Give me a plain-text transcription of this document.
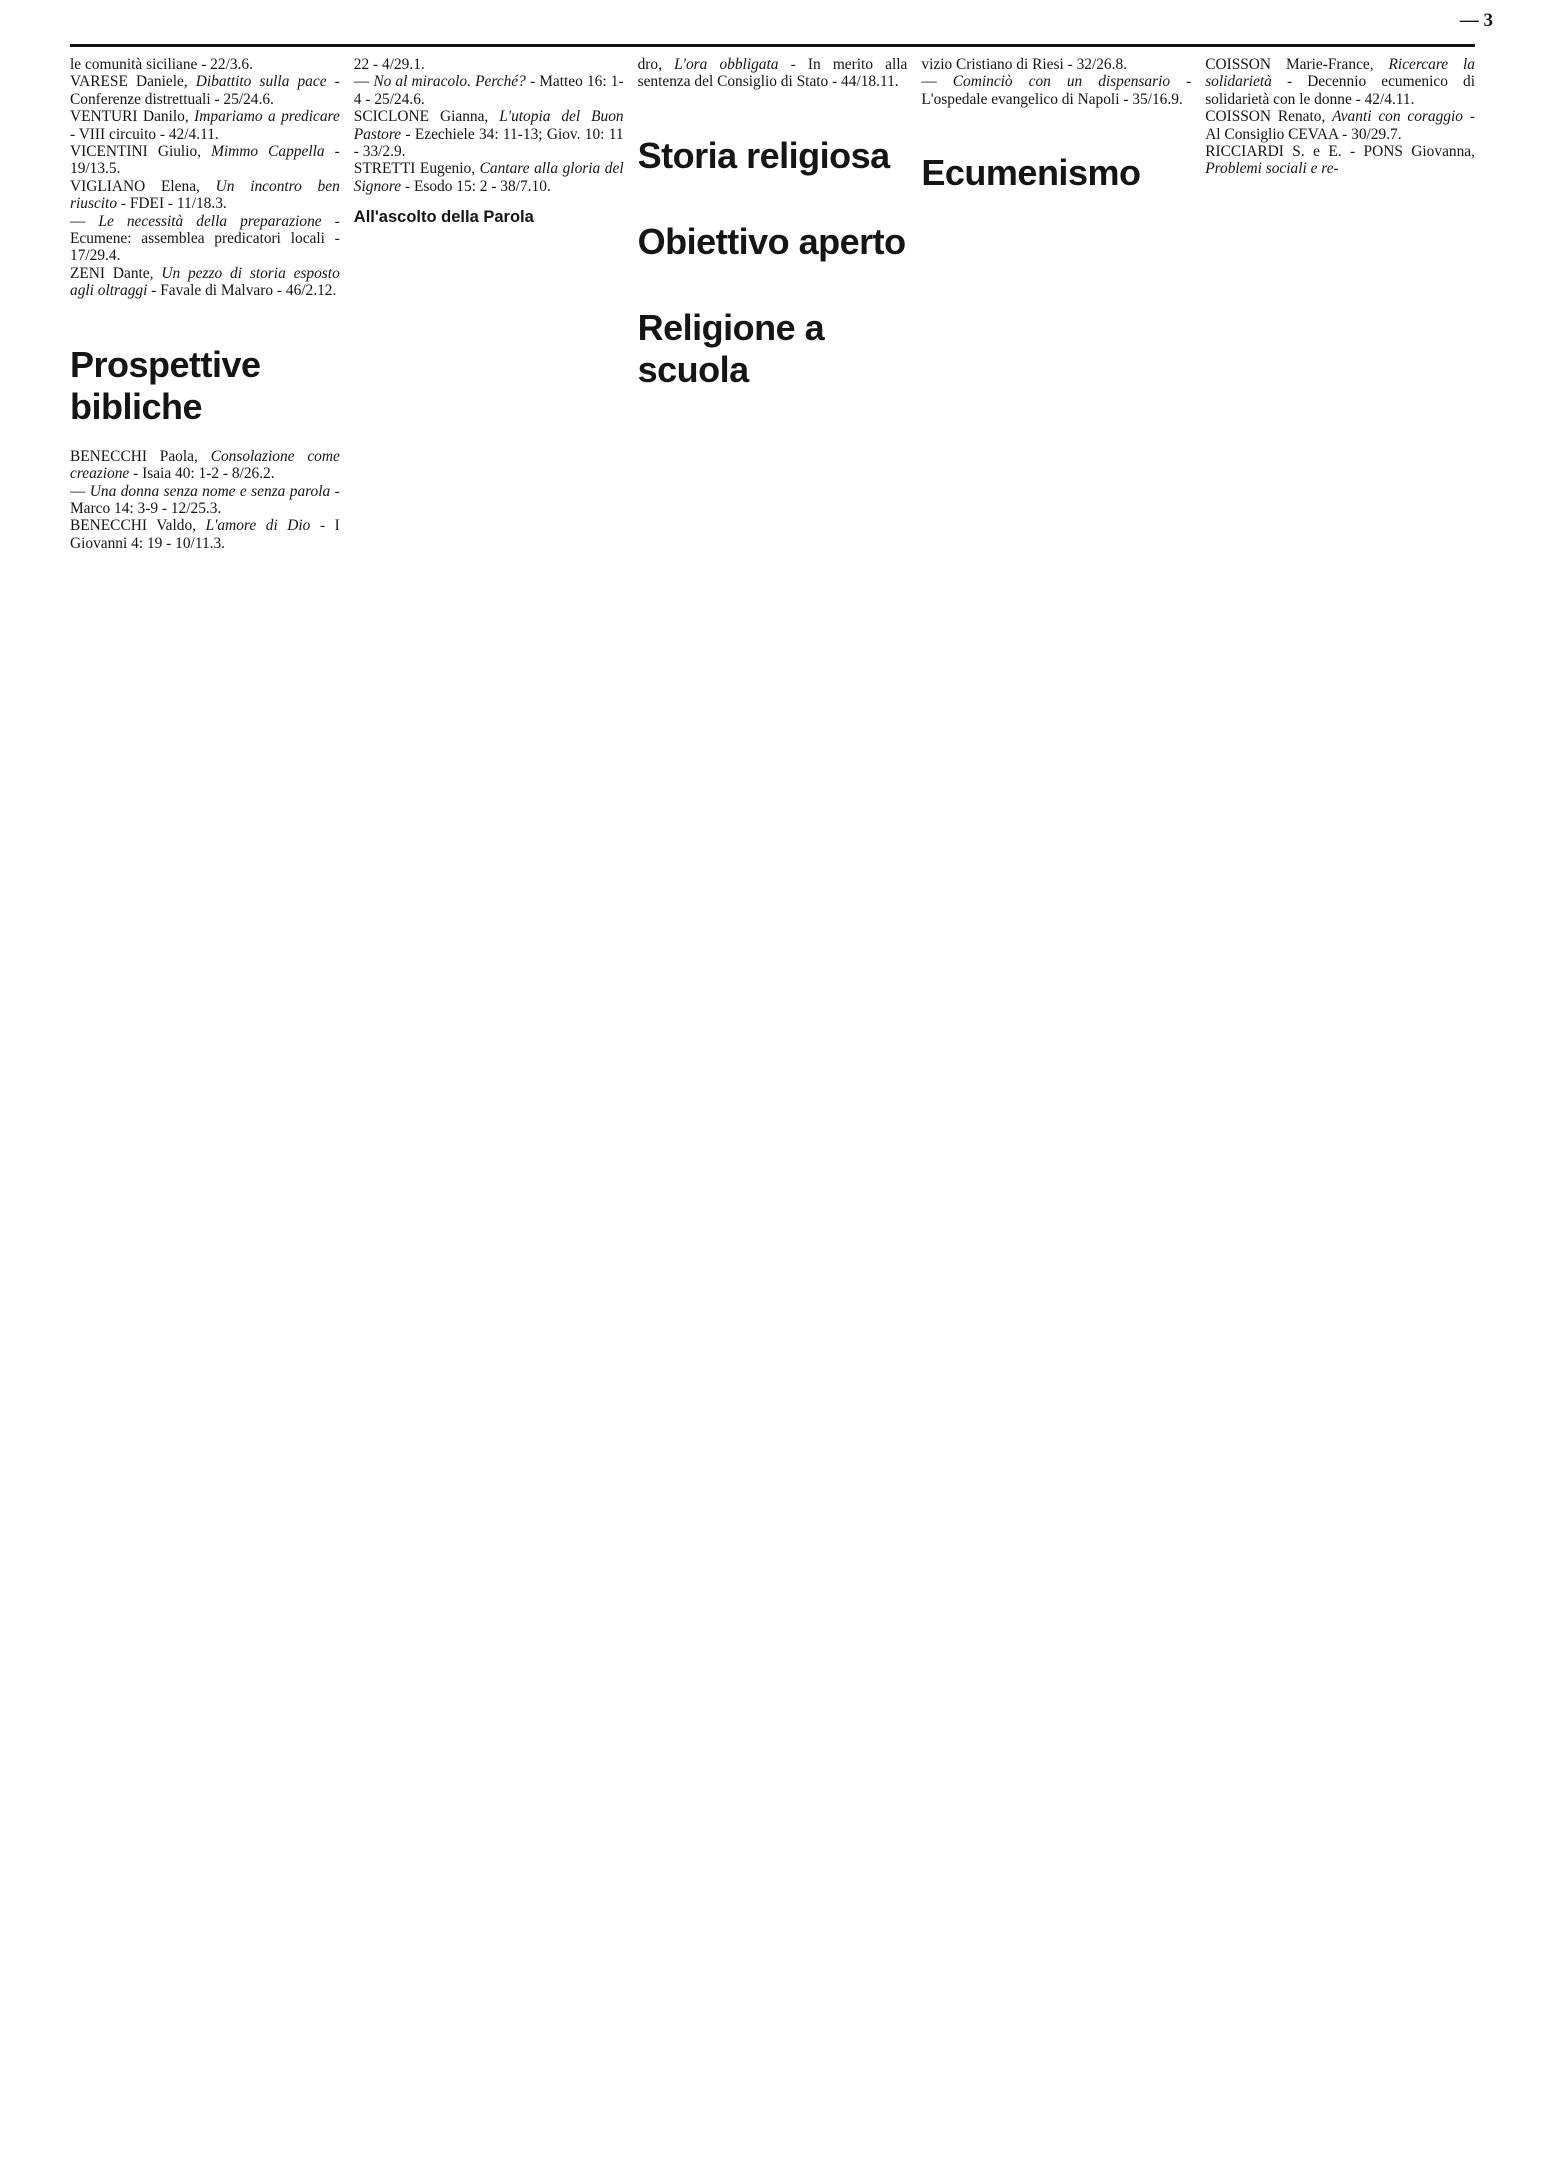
— 3

le comunità siciliane - 22/3.6.

VARESE Daniele, Dibattito sulla pace - Conferenze distrettuali - 25/24.6.

VENTURI Danilo, Impariamo a predicare - VIII circuito - 42/4.11.

VICENTINI Giulio, Mimmo Cappella - 19/13.5.

VIGLIANO Elena, Un incontro ben riuscito - FDEI - 11/18.3.

— Le necessità della preparazione - Ecumene: assemblea predicatori locali - 17/29.4.

ZENI Dante, Un pezzo di storia esposto agli oltraggi - Favale di Malvaro - 46/2.12.

Prospettive bibliche

BENECCHI Paola, Consolazione come creazione - Isaia 40: 1-2 - 8/26.2.

— Una donna senza nome e senza parola - Marco 14: 3-9 - 12/25.3.

BENECCHI Valdo, L'amore di Dio - I Giovanni 4: 19 - 10/11.3.

22 - 4/29.1.

— No al miracolo. Perché? - Matteo 16: 1-4 - 25/24.6.

SCICLONE Gianna, L'utopia del Buon Pastore - Ezechiele 34: 11-13; Giov. 10: 11 - 33/2.9.

STRETTI Eugenio, Cantare alla gloria del Signore - Esodo 15: 2 - 38/7.10.

All'ascolto della Parola

dro, L'ora obbligata - In merito alla sentenza del Consiglio di Stato - 44/18.11.

Storia religiosa
Obiettivo aperto
Religione a scuola

vizio Cristiano di Riesi - 32/26.8.

— Cominciò con un dispensario - L'ospedale evangelico di Napoli - 35/16.9.

Ecumenismo

COISSON Marie-France, Ricercare la solidarietà - Decennio ecumenico di solidarietà con le donne - 42/4.11.

COISSON Renato, Avanti con coraggio - Al Consiglio CEVAA - 30/29.7.

RICCIARDI S. e E. - PONS Giovanna, Problemi sociali e re-
